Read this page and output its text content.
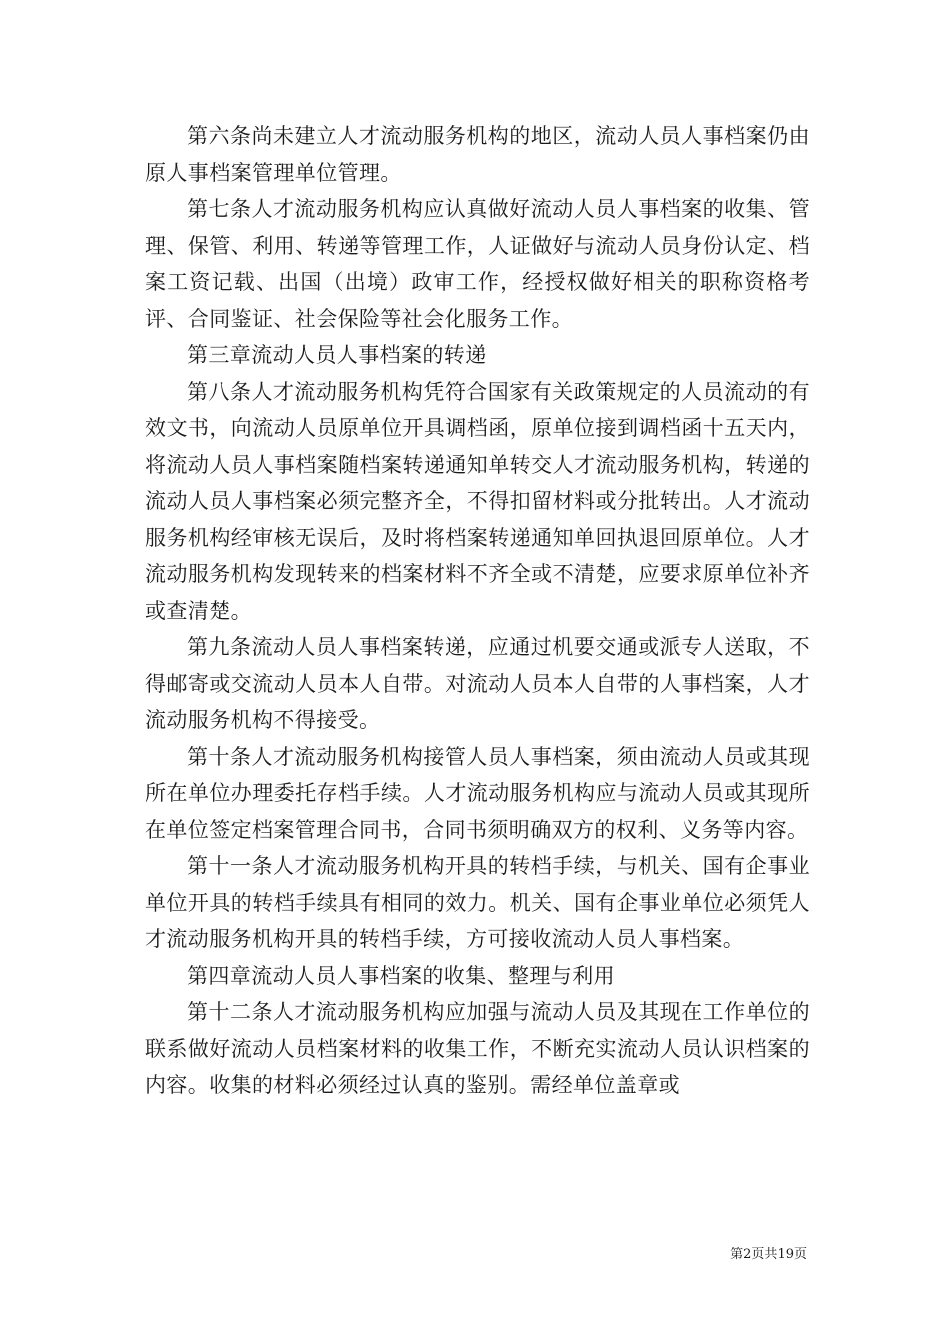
第六条尚未建立人才流动服务机构的地区，流动人员人事档案仍由原人事档案管理单位管理。

第七条人才流动服务机构应认真做好流动人员人事档案的收集、管理、保管、利用、转递等管理工作，人证做好与流动人员身份认定、档案工资记载、出国（出境）政审工作，经授权做好相关的职称资格考评、合同鉴证、社会保险等社会化服务工作。

第三章流动人员人事档案的转递

第八条人才流动服务机构凭符合国家有关政策规定的人员流动的有效文书，向流动人员原单位开具调档函，原单位接到调档函十五天内，将流动人员人事档案随档案转递通知单转交人才流动服务机构，转递的流动人员人事档案必须完整齐全，不得扣留材料或分批转出。人才流动服务机构经审核无误后，及时将档案转递通知单回执退回原单位。人才流动服务机构发现转来的档案材料不齐全或不清楚，应要求原单位补齐或查清楚。

第九条流动人员人事档案转递，应通过机要交通或派专人送取，不得邮寄或交流动人员本人自带。对流动人员本人自带的人事档案，人才流动服务机构不得接受。

第十条人才流动服务机构接管人员人事档案，须由流动人员或其现所在单位办理委托存档手续。人才流动服务机构应与流动人员或其现所在单位签定档案管理合同书，合同书须明确双方的权利、义务等内容。

第十一条人才流动服务机构开具的转档手续，与机关、国有企事业单位开具的转档手续具有相同的效力。机关、国有企事业单位必须凭人才流动服务机构开具的转档手续，方可接收流动人员人事档案。

第四章流动人员人事档案的收集、整理与利用

第十二条人才流动服务机构应加强与流动人员及其现在工作单位的联系做好流动人员档案材料的收集工作，不断充实流动人员认识档案的内容。收集的材料必须经过认真的鉴别。需经单位盖章或

第2页共19页
